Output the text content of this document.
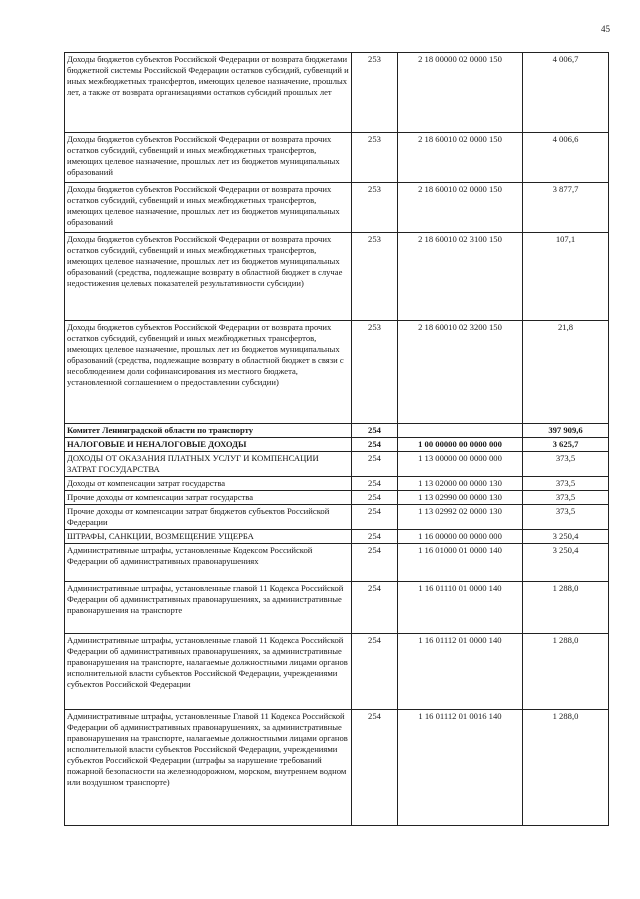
45
Доходы бюджетов субъектов Российской Федерации от возврата бюджетами бюджетной системы Российской Федерации остатков субсидий, субвенций и иных межбюджетных трансфертов, имеющих целевое назначение, прошлых лет, а также от возврата организациями остатков субсидий прошлых лет	253	2 18 00000 02 0000 150	4 006,7
Доходы бюджетов субъектов Российской Федерации от возврата прочих остатков субсидий, субвенций и иных межбюджетных трансфертов, имеющих целевое назначение, прошлых лет из бюджетов муниципальных образований	253	2 18 60010 02 0000 150	4 006,6
Доходы бюджетов субъектов Российской Федерации от возврата прочих остатков субсидий, субвенций и иных межбюджетных трансфертов, имеющих целевое назначение, прошлых лет из бюджетов муниципальных образований	253	2 18 60010 02 0000 150	3 877,7
Доходы бюджетов субъектов Российской Федерации от возврата прочих остатков субсидий, субвенций и иных межбюджетных трансфертов, имеющих целевое назначение, прошлых лет из бюджетов муниципальных образований (средства, подлежащие возврату в областной бюджет в случае недостижения целевых показателей результативности субсидии)	253	2 18 60010 02 3100 150	107,1
Доходы бюджетов субъектов Российской Федерации от возврата прочих остатков субсидий, субвенций и иных межбюджетных трансфертов, имеющих целевое назначение, прошлых лет из бюджетов муниципальных образований (средства, подлежащие возврату в областной бюджет в связи с несоблюдением доли софинансирования из местного бюджета, установленной соглашением о предоставлении субсидии)	253	2 18 60010 02 3200 150	21,8
Комитет Ленинградской области по транспорту	254		397 909,6
НАЛОГОВЫЕ И НЕНАЛОГОВЫЕ ДОХОДЫ	254	1 00 00000 00 0000 000	3 625,7
ДОХОДЫ ОТ ОКАЗАНИЯ ПЛАТНЫХ УСЛУГ И КОМПЕНСАЦИИ ЗАТРАТ ГОСУДАРСТВА	254	1 13 00000 00 0000 000	373,5
Доходы от компенсации затрат государства	254	1 13 02000 00 0000 130	373,5
Прочие доходы от компенсации затрат государства	254	1 13 02990 00 0000 130	373,5
Прочие доходы от компенсации затрат бюджетов субъектов Российской Федерации	254	1 13 02992 02 0000 130	373,5
ШТРАФЫ, САНКЦИИ, ВОЗМЕЩЕНИЕ УЩЕРБА	254	1 16 00000 00 0000 000	3 250,4
Административные штрафы, установленные Кодексом Российской Федерации об административных правонарушениях	254	1 16 01000 01 0000 140	3 250,4
Административные штрафы, установленные главой 11 Кодекса Российской Федерации об административных правонарушениях, за административные правонарушения на транспорте	254	1 16 01110 01 0000 140	1 288,0
Административные штрафы, установленные главой 11 Кодекса Российской Федерации об административных правонарушениях, за административные правонарушения на транспорте, налагаемые должностными лицами органов исполнительной власти субъектов Российской Федерации, учреждениями субъектов Российской Федерации	254	1 16 01112 01 0000 140	1 288,0
Административные штрафы, установленные Главой 11 Кодекса Российской Федерации об административных правонарушениях, за административные правонарушения на транспорте, налагаемые должностными лицами органов исполнительной власти субъектов Российской Федерации, учреждениями субъектов Российской Федерации (штрафы за нарушение требований пожарной безопасности на железнодорожном, морском, внутреннем водном или воздушном транспорте)	254	1 16 01112 01 0016 140	1 288,0
